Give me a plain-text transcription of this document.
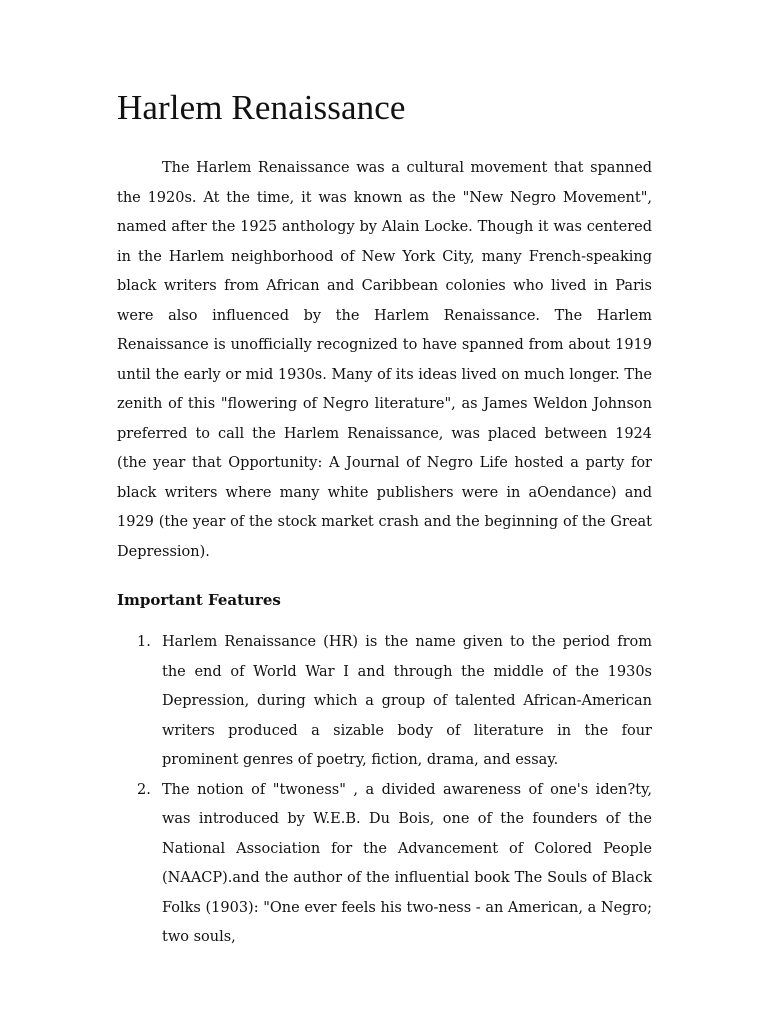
Harlem Renaissance

The Harlem Renaissance was a cultural movement that spanned the 1920s. At the time, it was known as the "New Negro Movement", named after the 1925 anthology by Alain Locke. Though it was centered in the Harlem neighborhood of New York City, many French-speaking black writers from African and Caribbean colonies who lived in Paris were also influenced by the Harlem Renaissance. The Harlem Renaissance is unofficially recognized to have spanned from about 1919 until the early or mid 1930s. Many of its ideas lived on much longer. The zenith of this "flowering of Negro literature", as James Weldon Johnson preferred to call the Harlem Renaissance, was placed between 1924 (the year that Opportunity: A Journal of Negro Life hosted a party for black writers where many white publishers were in aOendance) and 1929 (the year of the stock market crash and the beginning of the Great Depression).

Important Features
1. Harlem Renaissance (HR) is the name given to the period from the end of World War I and through the middle of the 1930s Depression, during which a group of talented African-American writers produced a sizable body of literature in the four prominent genres of poetry, fiction, drama, and essay.
2. The notion of "twoness" , a divided awareness of one's iden?ty, was introduced by W.E.B. Du Bois, one of the founders of the National Association for the Advancement of Colored People (NAACP).and the author of the influential book The Souls of Black Folks (1903): "One ever feels his two-ness - an American, a Negro; two souls,
